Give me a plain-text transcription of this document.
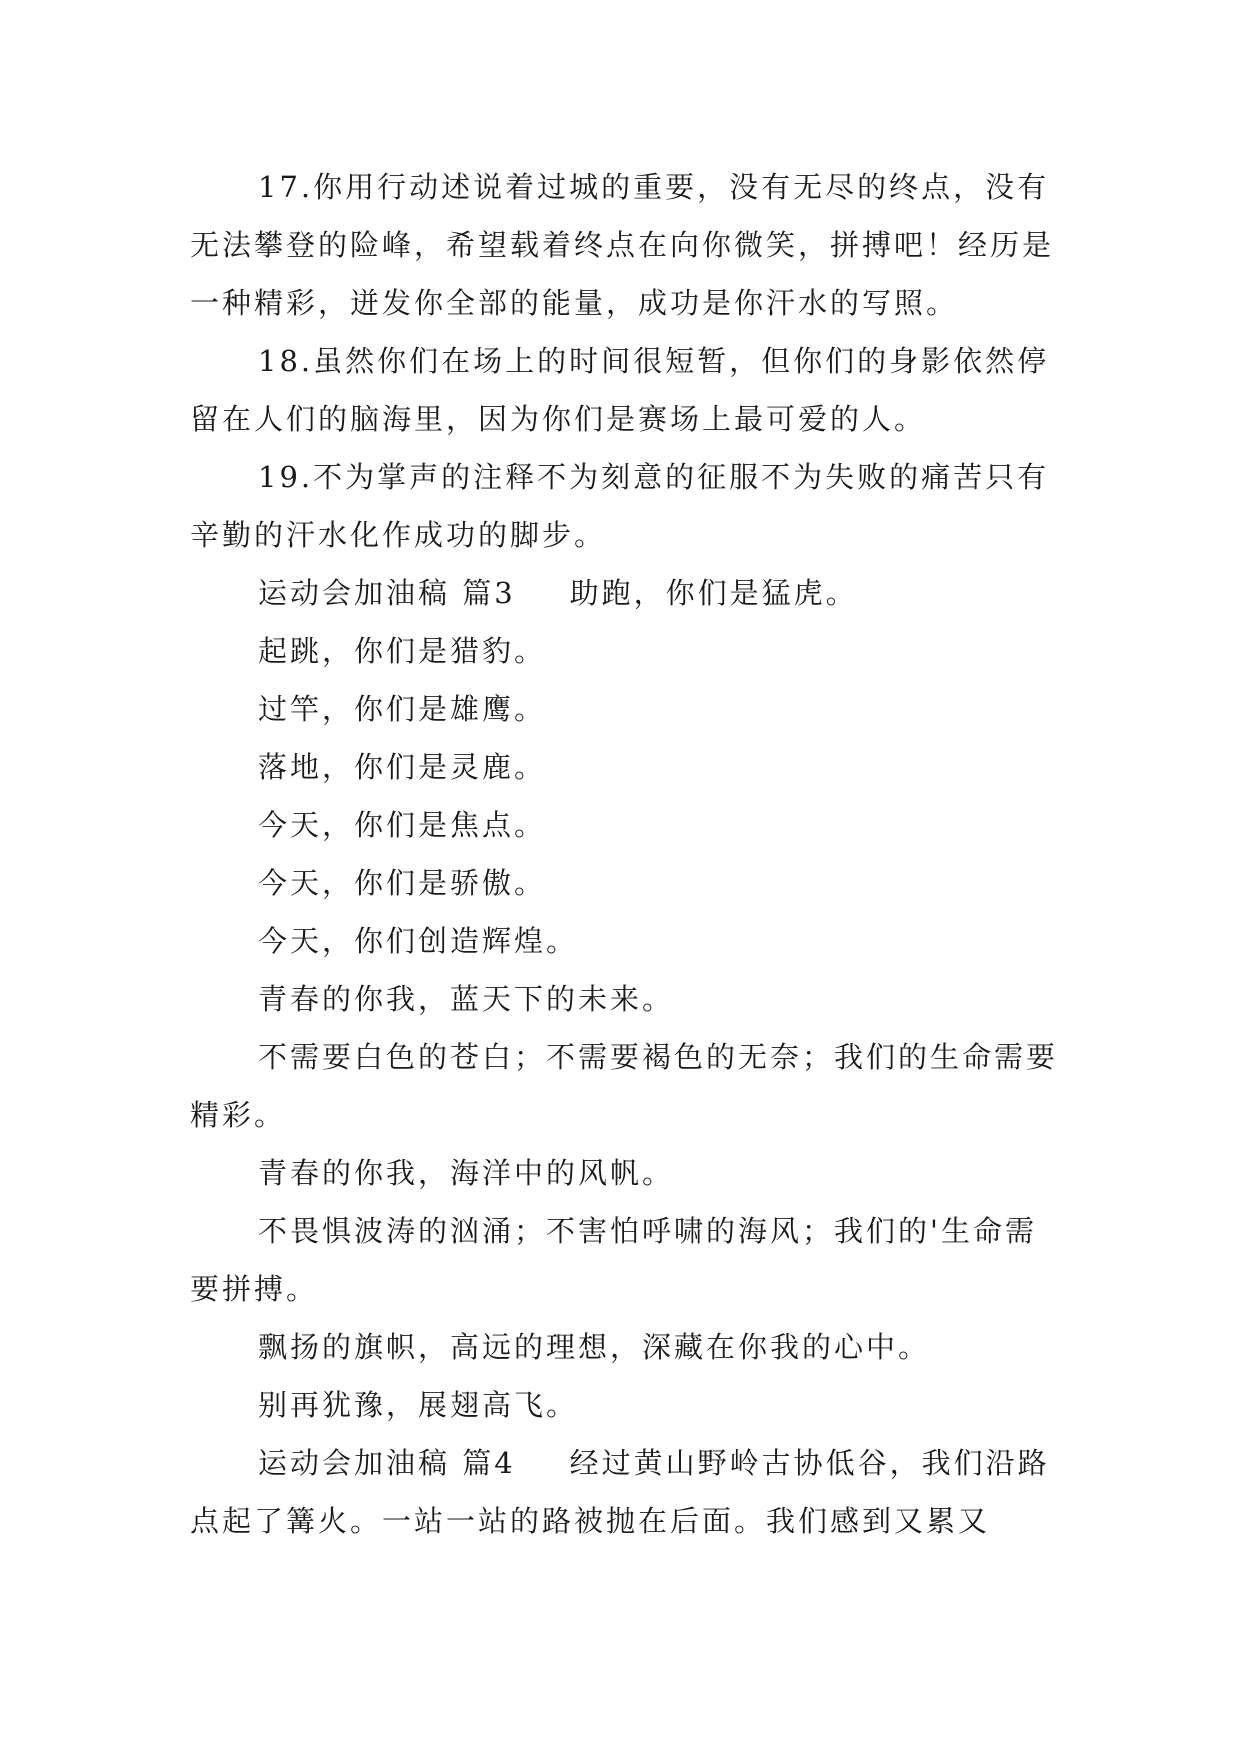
17.你用行动述说着过城的重要，没有无尽的终点，没有无法攀登的险峰，希望载着终点在向你微笑，拼搏吧！经历是一种精彩，迸发你全部的能量，成功是你汗水的写照。

18.虽然你们在场上的时间很短暂，但你们的身影依然停留在人们的脑海里，因为你们是赛场上最可爱的人。

19.不为掌声的注释不为刻意的征服不为失败的痛苦只有辛勤的汗水化作成功的脚步。

运动会加油稿 篇3 助跑，你们是猛虎。

起跳，你们是猎豹。

过竿，你们是雄鹰。

落地，你们是灵鹿。

今天，你们是焦点。

今天，你们是骄傲。

今天，你们创造辉煌。

青春的你我，蓝天下的未来。

不需要白色的苍白；不需要褐色的无奈；我们的生命需要精彩。

青春的你我，海洋中的风帆。

不畏惧波涛的汹涌；不害怕呼啸的海风；我们的'生命需要拼搏。

飘扬的旗帜，高远的理想，深藏在你我的心中。

别再犹豫，展翅高飞。

运动会加油稿 篇4 经过黄山野岭古协低谷，我们沿路点起了篝火。一站一站的路被抛在后面。我们感到又累又
